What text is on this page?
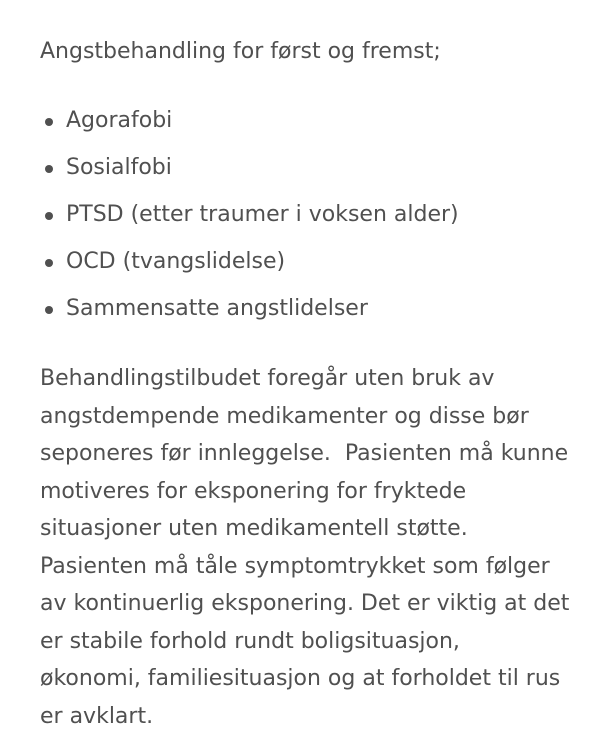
Angstbehandling for først og fremst;

Agorafobi
Sosialfobi
PTSD (etter traumer i voksen alder)
OCD (tvangslidelse)
Sammensatte angstlidelser

Behandlingstilbudet foregår uten bruk av
angstdempende medikamenter og disse bør
seponeres før innleggelse.  Pasienten må kunne
motiveres for eksponering for fryktede
situasjoner uten medikamentell støtte.
Pasienten må tåle symptomtrykket som følger
av kontinuerlig eksponering. Det er viktig at det
er stabile forhold rundt boligsituasjon,
økonomi, familiesituasjon og at forholdet til rus
er avklart.
